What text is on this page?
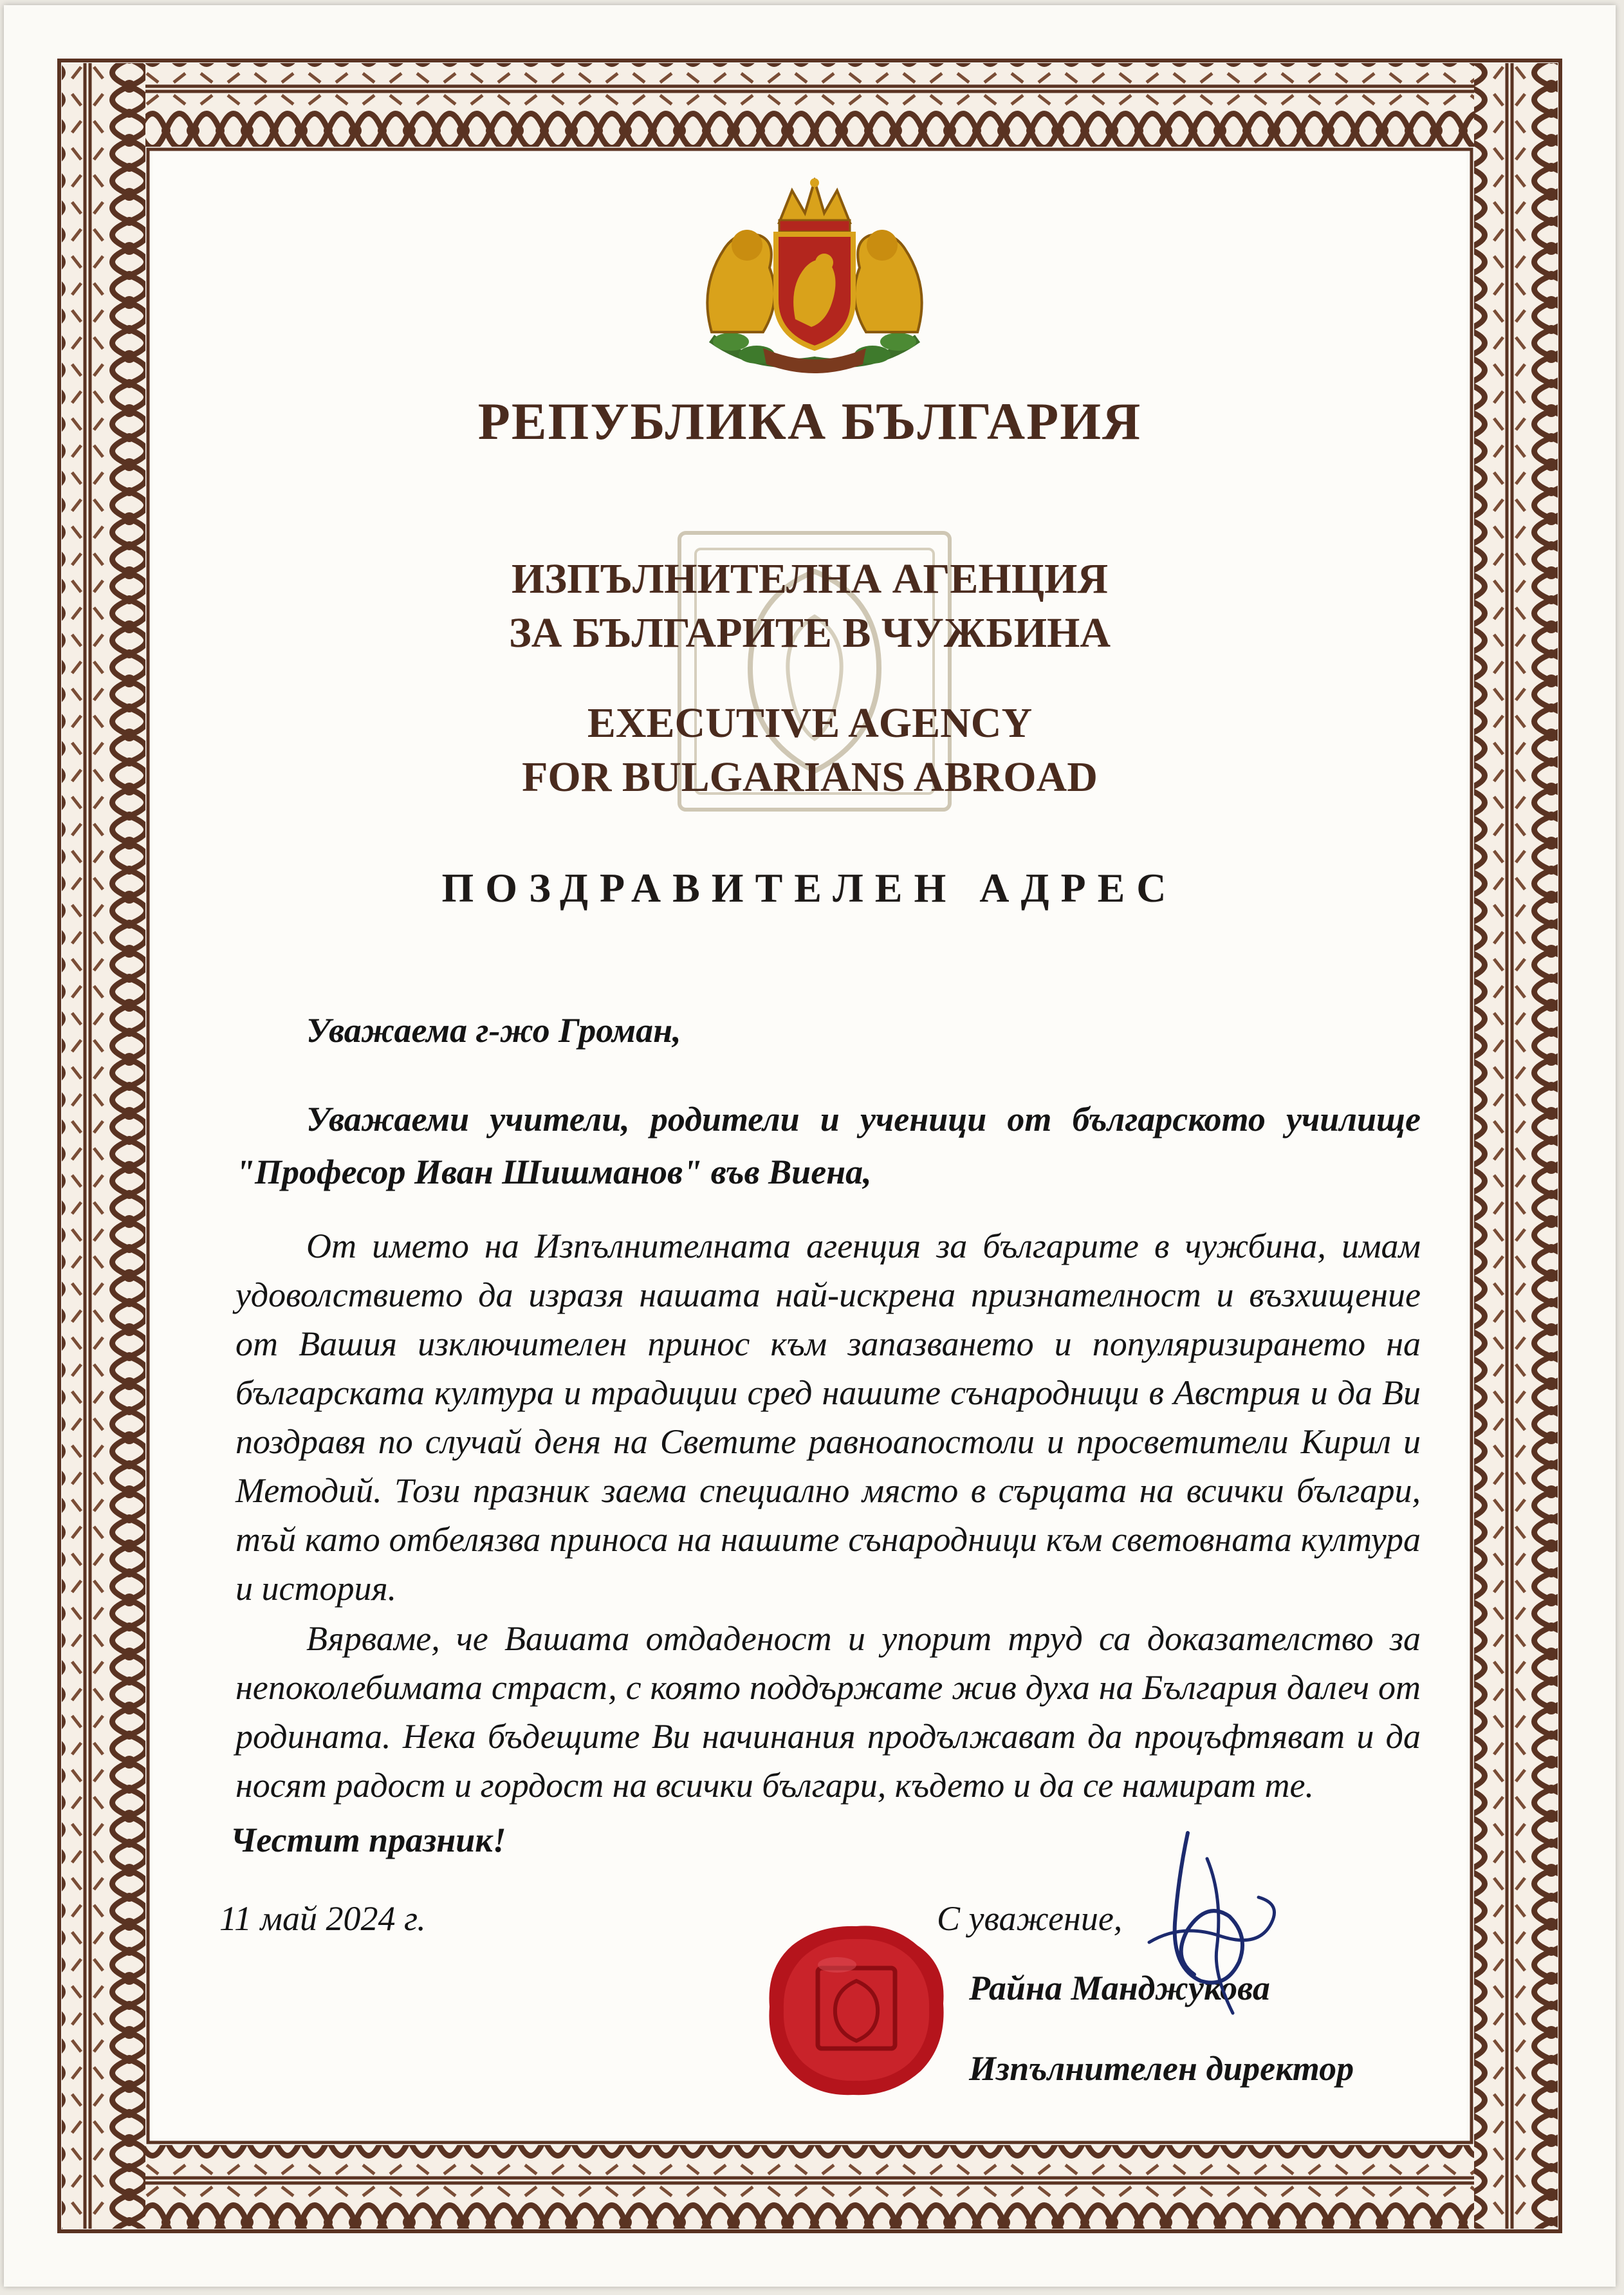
РЕПУБЛИКА БЪЛГАРИЯ
ИЗПЪЛНИТЕЛНА АГЕНЦИЯ
ЗА БЪЛГАРИТЕ В ЧУЖБИНА
EXECUTIVE AGENCY
FOR BULGARIANS ABROAD
ПОЗДРАВИТЕЛЕН АДРЕС
Уважаема г-жо Громан,
Уважаеми учители, родители и ученици от българското училище "Професор Иван Шишманов" във Виена,
От името на Изпълнителната агенция за българите в чужбина, имам удоволствието да изразя нашата най-искрена признателност и възхищение от Вашия изключителен принос към запазването и популяризирането на българската култура и традиции сред нашите сънародници в Австрия и да Ви поздравя по случай деня на Светите равноапостоли и просветители Кирил и Методий. Този празник заема специално място в сърцата на всички българи, тъй като отбелязва приноса на нашите сънародници към световната култура и история.
Вярваме, че Вашата отдаденост и упорит труд са доказателство за непоколебимата страст, с която поддържате жив духа на България далеч от родината. Нека бъдещите Ви начинания продължават да процъфтяват и да носят радост и гордост на всички българи, където и да се намират те.
Честит празник!
11 май 2024 г.	С уважение,
Райна Манджукова
Изпълнителен директор
